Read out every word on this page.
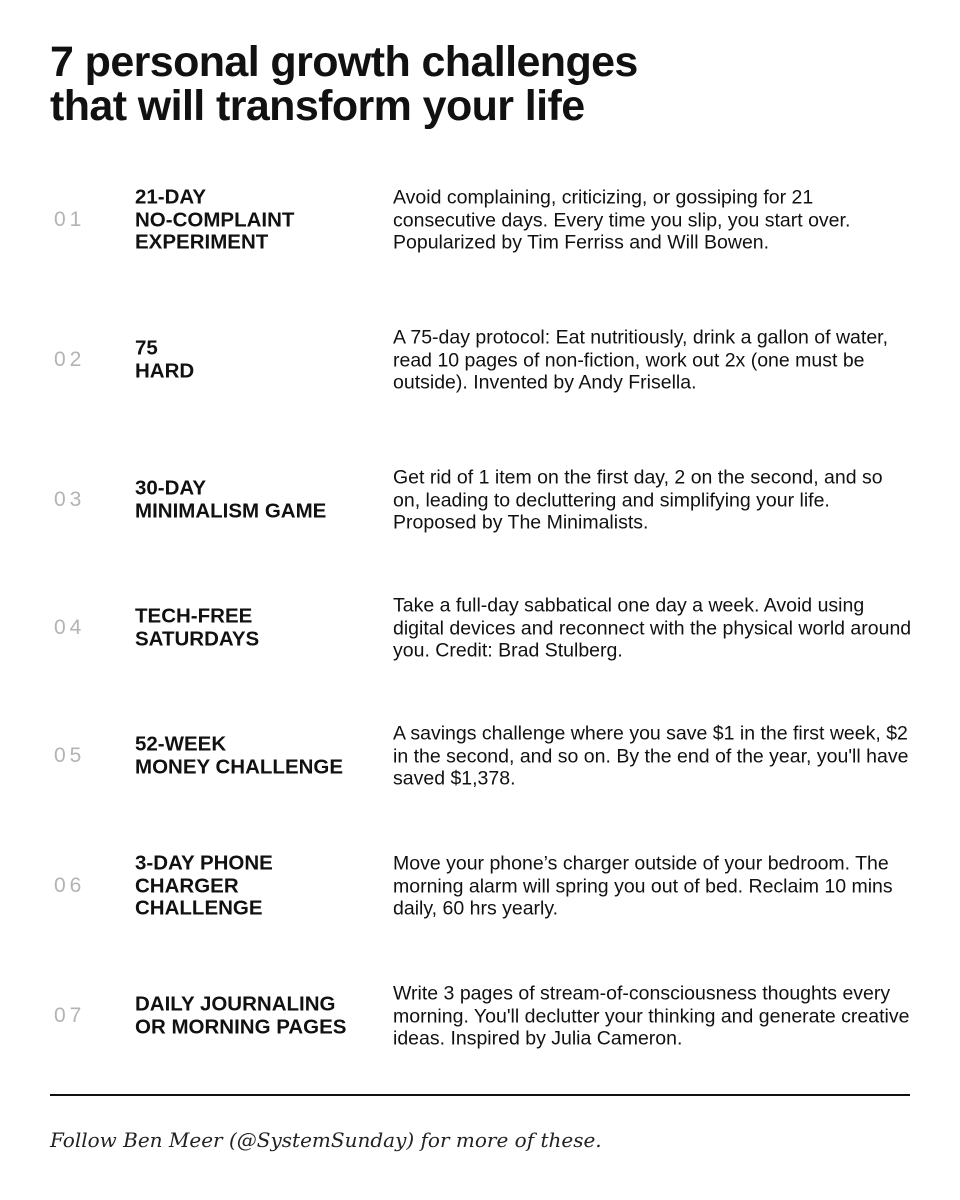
7 personal growth challenges
that will transform your life
01
21-DAY
NO-COMPLAINT
EXPERIMENT
Avoid complaining, criticizing, or gossiping for 21 consecutive days. Every time you slip, you start over. Popularized by Tim Ferriss and Will Bowen.
02 75
HARD
A 75-day protocol: Eat nutritiously, drink a gallon of water, read 10 pages of non-fiction, work out 2x (one must be outside). Invented by Andy Frisella.
03 30-DAY
MINIMALISM GAME
Get rid of 1 item on the first day, 2 on the second, and so on, leading to decluttering and simplifying your life. Proposed by The Minimalists.
04 TECH-FREE
SATURDAYS
Take a full-day sabbatical one day a week. Avoid using digital devices and reconnect with the physical world around you. Credit: Brad Stulberg.
05 52-WEEK
MONEY CHALLENGE
A savings challenge where you save $1 in the first week, $2 in the second, and so on. By the end of the year, you'll have saved $1,378.
06
3-DAY PHONE
CHARGER
CHALLENGE
Move your phone’s charger outside of your bedroom. The morning alarm will spring you out of bed. Reclaim 10 mins daily, 60 hrs yearly.
07 DAILY JOURNALING
OR MORNING PAGES
Write 3 pages of stream-of-consciousness thoughts every morning. You'll declutter your thinking and generate creative ideas. Inspired by Julia Cameron.
Follow Ben Meer (@SystemSunday) for more of these.
